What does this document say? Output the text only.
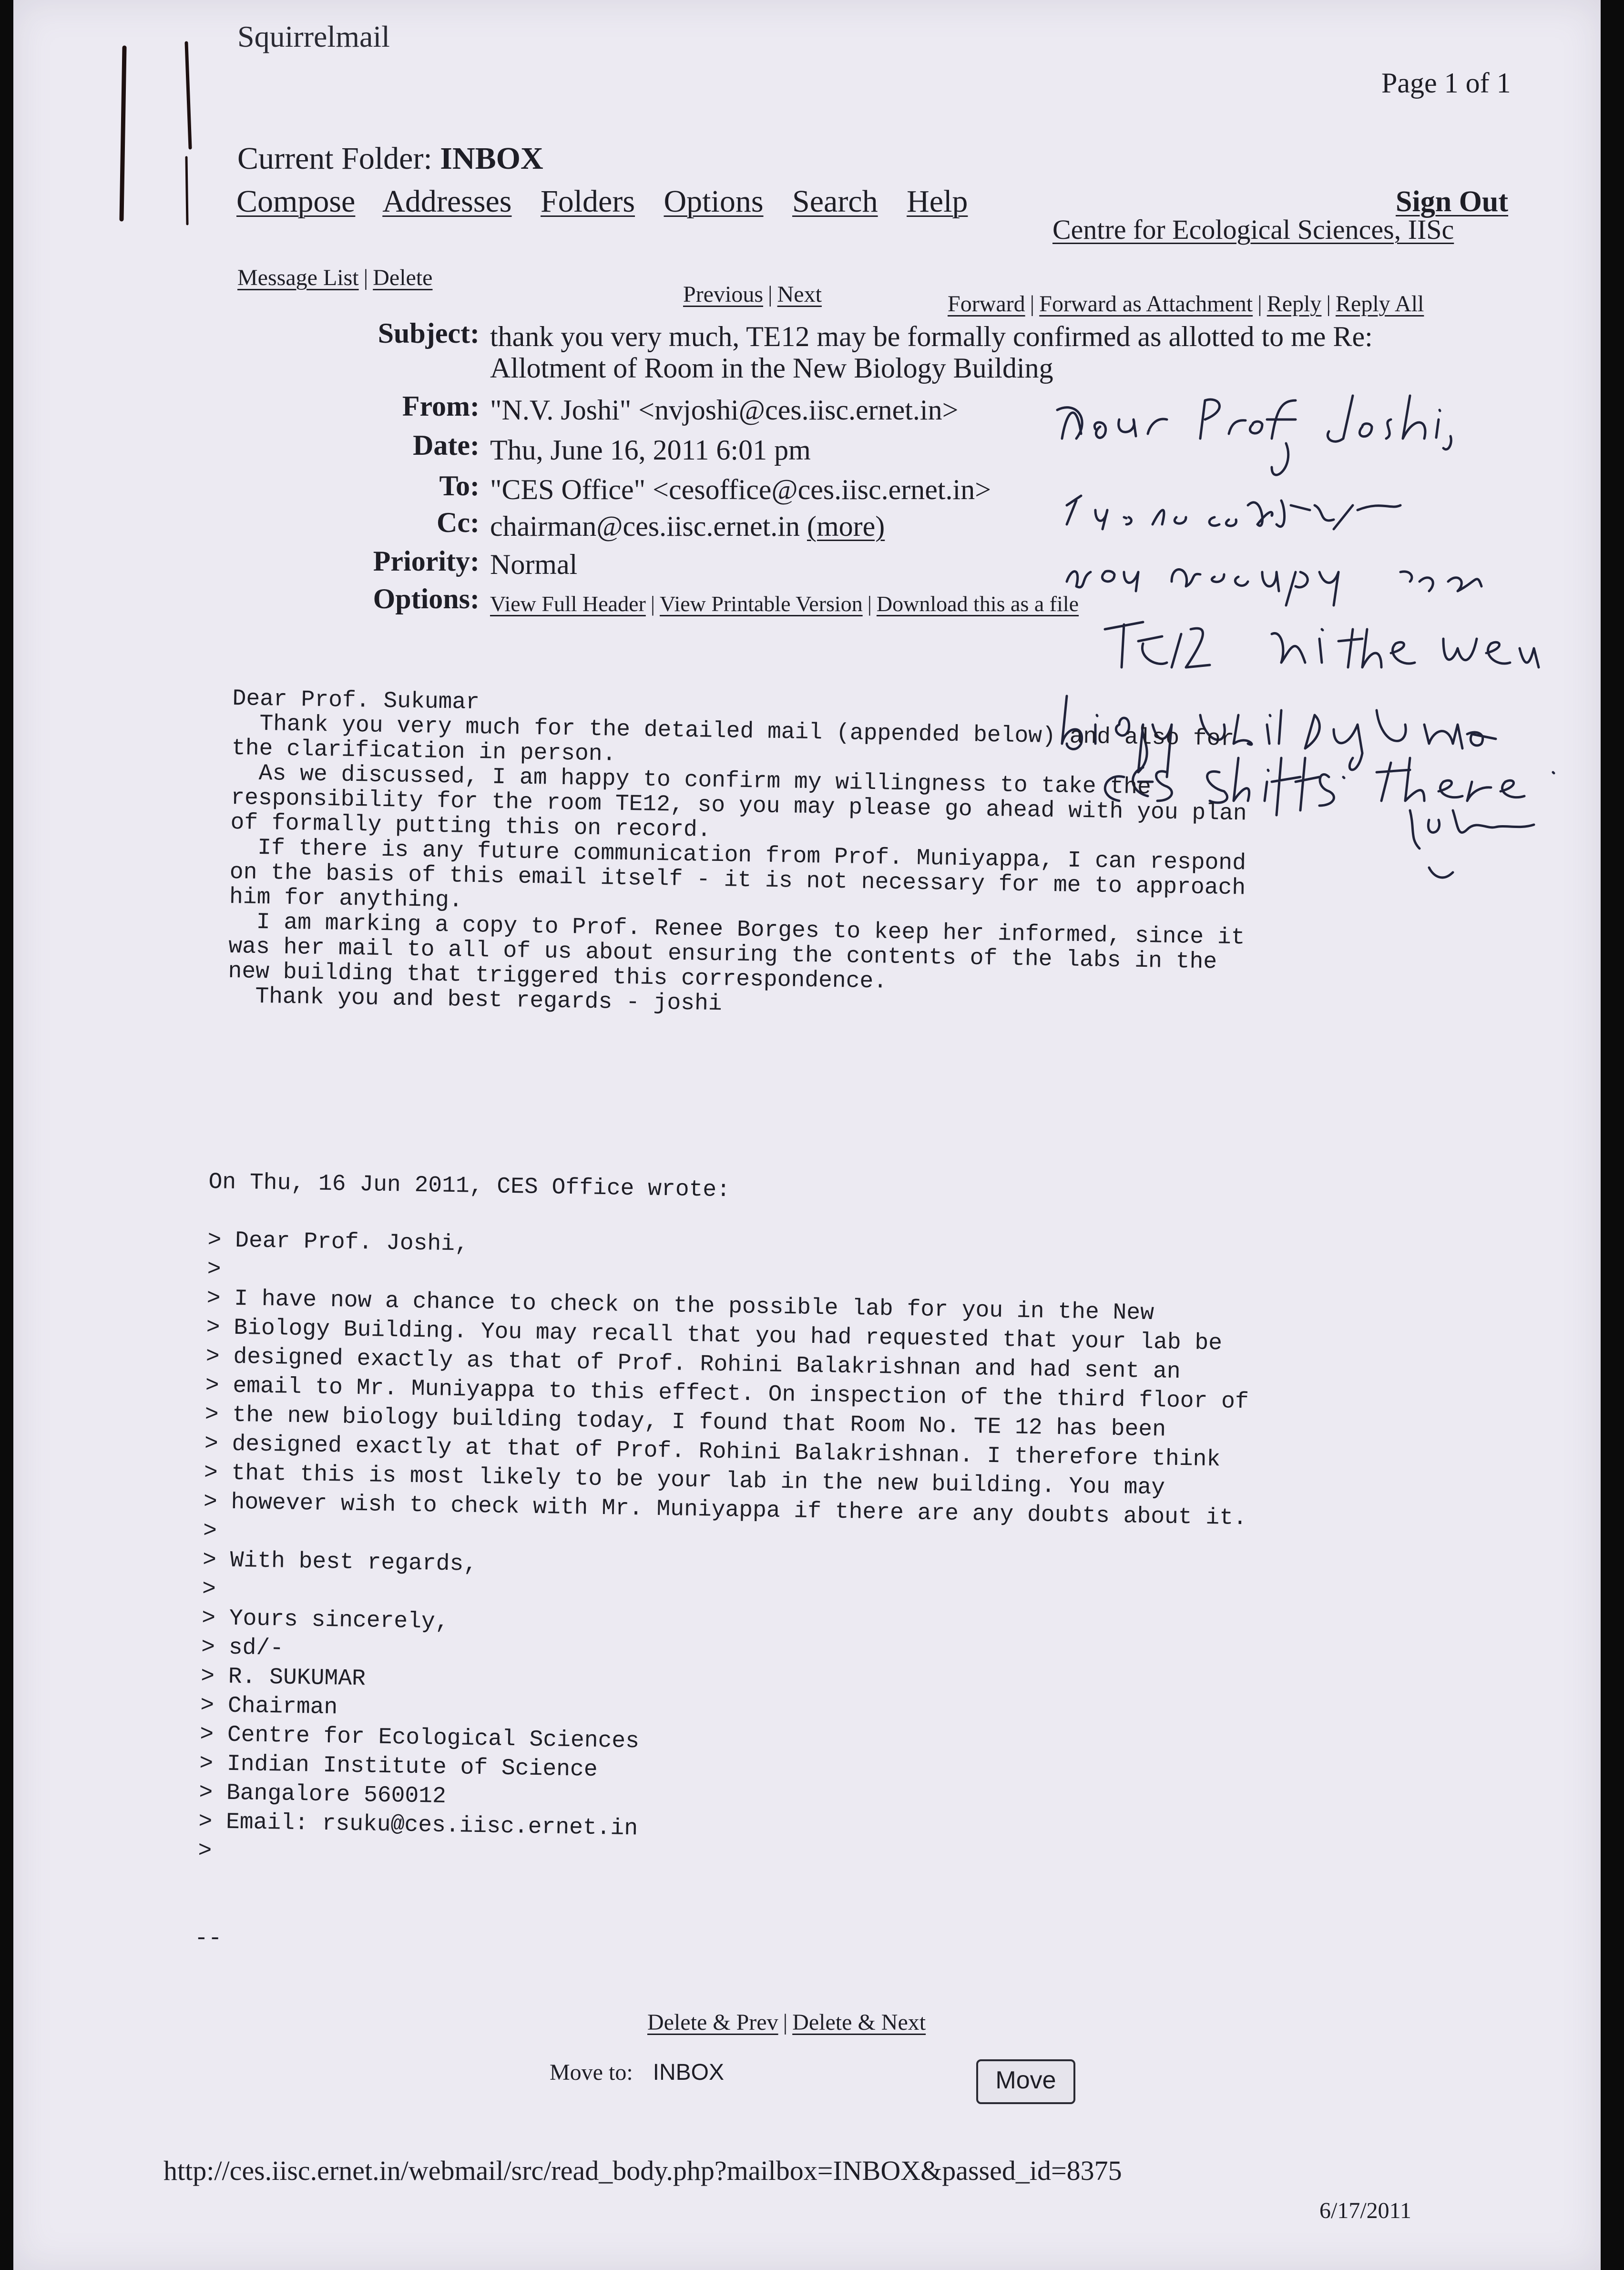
Squirrelmail
Page 1 of 1
Current Folder: INBOX
Compose Addresses Folders Options Search Help	Sign Out
Centre for Ecological Sciences, IISc
Message List | Delete
Previous | Next	Forward | Forward as Attachment | Reply | Reply All
Subject: thank you very much, TE12 may be formally confirmed as allotted to me Re:
Allotment of Room in the New Biology Building
From: "N.V. Joshi" <nvjoshi@ces.iisc.ernet.in>
Date: Thu, June 16, 2011 6:01 pm
To: "CES Office" <cesoffice@ces.iisc.ernet.in>
Cc: chairman@ces.iisc.ernet.in (more)
Priority: Normal
Options: View Full Header | View Printable Version | Download this as a file
Dear Prof. Sukumar
Thank you very much for the detailed mail (appended below) and also for
the clarification in person.
As we discussed, I am happy to confirm my willingness to take the
responsibility for the room TE12, so you may please go ahead with you plan
of formally putting this on record.
If there is any future communication from Prof. Muniyappa, I can respond
on the basis of this email itself - it is not necessary for me to approach
him for anything.
I am marking a copy to Prof. Renee Borges to keep her informed, since it
was her mail to all of us about ensuring the contents of the labs in the
new building that triggered this correspondence.
Thank you and best regards - joshi
On Thu, 16 Jun 2011, CES Office wrote:

> Dear Prof. Joshi,
>
> I have now a chance to check on the possible lab for you in the New
> Biology Building. You may recall that you had requested that your lab be
> designed exactly as that of Prof. Rohini Balakrishnan and had sent an
> email to Mr. Muniyappa to this effect. On inspection of the third floor of
> the new biology building today, I found that Room No. TE 12 has been
> designed exactly at that of Prof. Rohini Balakrishnan. I therefore think
> that this is most likely to be your lab in the new building. You may
> however wish to check with Mr. Muniyappa if there are any doubts about it.
>
> With best regards,
>
> Yours sincerely,
> sd/-
> R. SUKUMAR
> Chairman
> Centre for Ecological Sciences
> Indian Institute of Science
> Bangalore 560012
> Email: rsuku@ces.iisc.ernet.in
>
--
Delete & Prev | Delete & Next
Move to: INBOX	Move
http://ces.iisc.ernet.in/webmail/src/read_body.php?mailbox=INBOX&passed_id=8375
6/17/2011
